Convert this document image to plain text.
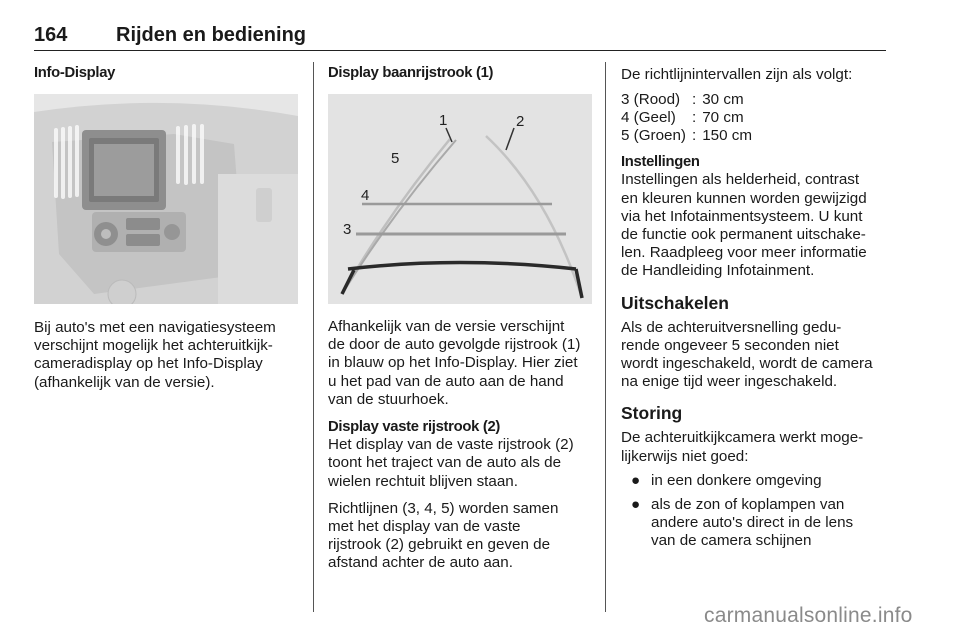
164 Rijden en bediening
Info-Display
Bij auto's met een navigatiesysteem
verschijnt mogelijk het achteruitkijk-
cameradisplay op het Info-Display
(afhankelijk van de versie).
Display baanrijstrook (1)
1	2
3
4
5
Afhankelijk van de versie verschijnt
de door de auto gevolgde rijstrook (1)
in blauw op het Info-Display. Hier ziet
u het pad van de auto aan de hand
van de stuurhoek.
Display vaste rijstrook (2)
Het display van de vaste rijstrook (2)
toont het traject van de auto als de
wielen rechtuit blijven staan.
Richtlijnen (3, 4, 5) worden samen
met het display van de vaste
rijstrook (2) gebruikt en geven de
afstand achter de auto aan.
De richtlijnintervallen zijn als volgt:
3 (Rood)	:	30 cm
4 (Geel)	:	70 cm
5 (Groen)	:	150 cm
Instellingen
Instellingen als helderheid, contrast
en kleuren kunnen worden gewijzigd
via het Infotainmentsysteem. U kunt
de functie ook permanent uitschake-
len. Raadpleeg voor meer informatie
de Handleiding Infotainment.
Uitschakelen
Als de achteruitversnelling gedu-
rende ongeveer 5 seconden niet
wordt ingeschakeld, wordt de camera
na enige tijd weer ingeschakeld.
Storing
De achteruitkijkcamera werkt moge-
lijkerwijs niet goed:
● in een donkere omgeving
● als de zon of koplampen van
andere auto's direct in de lens
van de camera schijnen
carmanualsonline.info
